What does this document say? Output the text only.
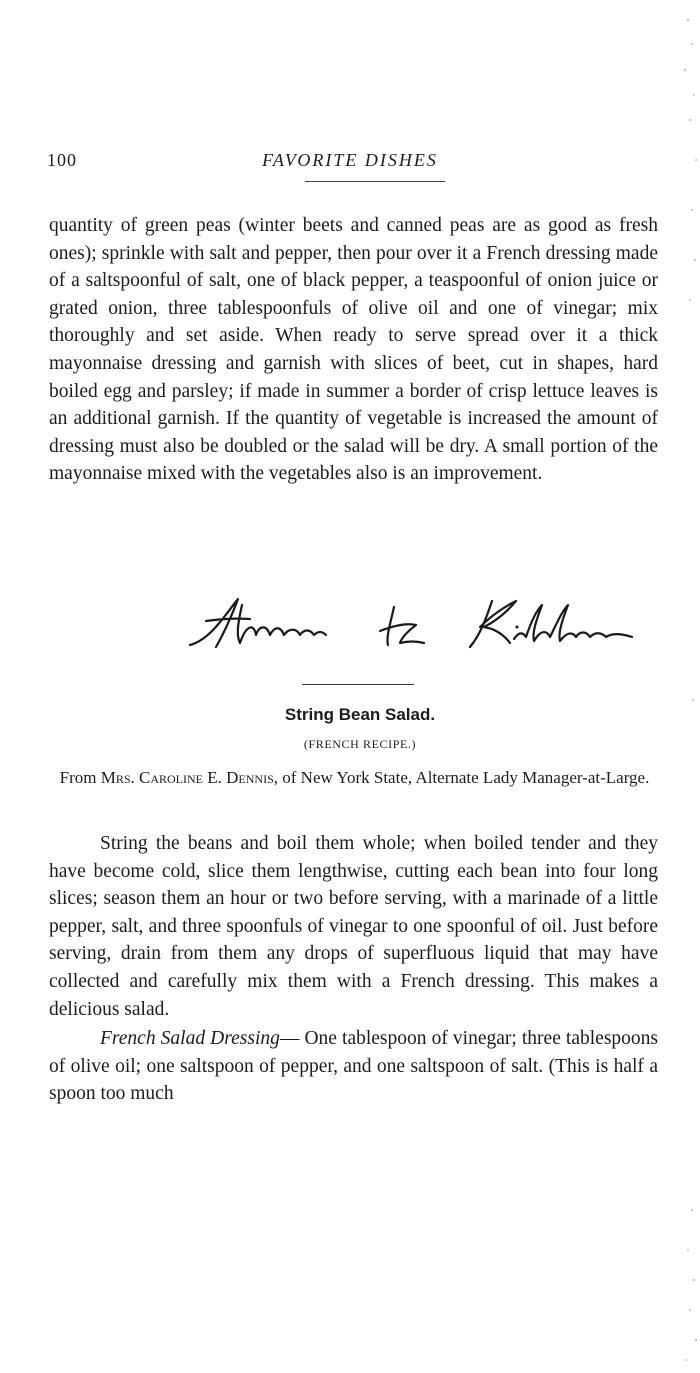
100	FAVORITE DISHES

quantity of green peas (winter beets and canned peas are as good as fresh ones); sprinkle with salt and pepper, then pour over it a French dressing made of a saltspoonful of salt, one of black pepper, a teaspoonful of onion juice or grated onion, three tablespoonfuls of olive oil and one of vinegar; mix thoroughly and set aside. When ready to serve spread over it a thick mayonnaise dressing and garnish with slices of beet, cut in shapes, hard boiled egg and parsley; if made in summer a border of crisp lettuce leaves is an additional garnish. If the quantity of vegetable is increased the amount of dressing must also be doubled or the salad will be dry. A small portion of the mayonnaise mixed with the vegetables also is an improvement.

String Bean Salad.
(FRENCH RECIPE.)
From Mrs. Caroline E. Dennis, of New York State, Alternate Lady Manager-at-Large.

String the beans and boil them whole; when boiled tender and they have become cold, slice them lengthwise, cutting each bean into four long slices; season them an hour or two before serving, with a marinade of a little pepper, salt, and three spoonfuls of vinegar to one spoonful of oil. Just before serving, drain from them any drops of superfluous liquid that may have collected and carefully mix them with a French dressing. This makes a delicious salad.

French Salad Dressing— One tablespoon of vinegar; three tablespoons of olive oil; one saltspoon of pepper, and one saltspoon of salt. (This is half a spoon too much
